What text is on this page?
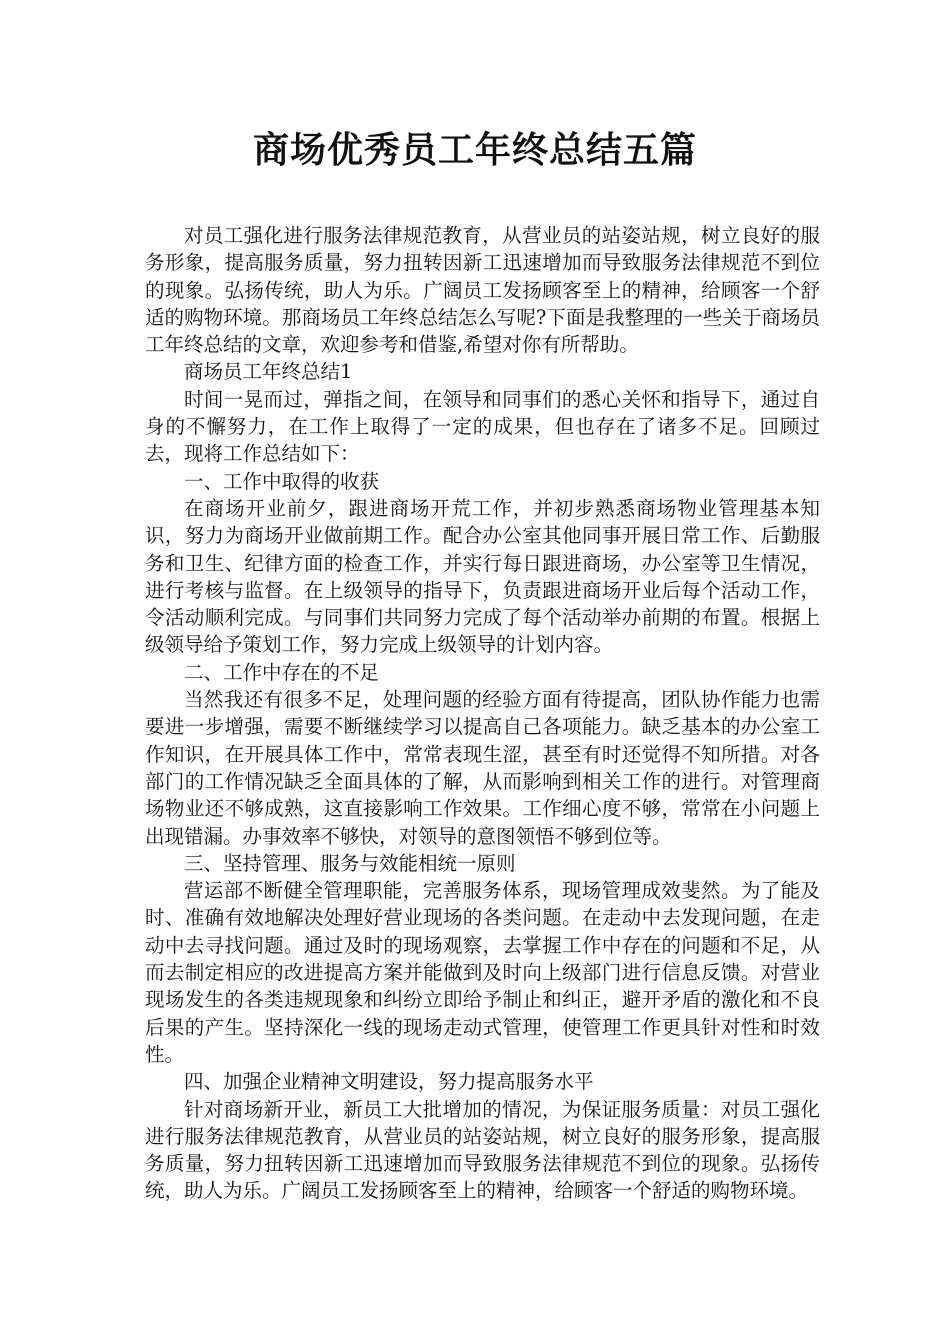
商场优秀员工年终总结五篇

对员工强化进行服务法律规范教育，从营业员的站姿站规，树立良好的服务形象，提高服务质量，努力扭转因新工迅速增加而导致服务法律规范不到位的现象。弘扬传统，助人为乐。广阔员工发扬顾客至上的精神，给顾客一个舒适的购物环境。那商场员工年终总结怎么写呢?下面是我整理的一些关于商场员工年终总结的文章，欢迎参考和借鉴,希望对你有所帮助。

商场员工年终总结1

时间一晃而过，弹指之间，在领导和同事们的悉心关怀和指导下，通过自身的不懈努力，在工作上取得了一定的成果，但也存在了诸多不足。回顾过去，现将工作总结如下：

一、工作中取得的收获

在商场开业前夕，跟进商场开荒工作，并初步熟悉商场物业管理基本知识，努力为商场开业做前期工作。配合办公室其他同事开展日常工作、后勤服务和卫生、纪律方面的检查工作，并实行每日跟进商场，办公室等卫生情况，进行考核与监督。在上级领导的指导下，负责跟进商场开业后每个活动工作，令活动顺利完成。与同事们共同努力完成了每个活动举办前期的布置。根据上级领导给予策划工作，努力完成上级领导的计划内容。

二、工作中存在的不足

当然我还有很多不足，处理问题的经验方面有待提高，团队协作能力也需要进一步增强，需要不断继续学习以提高自己各项能力。缺乏基本的办公室工作知识，在开展具体工作中，常常表现生涩，甚至有时还觉得不知所措。对各部门的工作情况缺乏全面具体的了解，从而影响到相关工作的进行。对管理商场物业还不够成熟，这直接影响工作效果。工作细心度不够，常常在小问题上出现错漏。办事效率不够快，对领导的意图领悟不够到位等。

三、坚持管理、服务与效能相统一原则

营运部不断健全管理职能，完善服务体系，现场管理成效斐然。为了能及时、准确有效地解决处理好营业现场的各类问题。在走动中去发现问题，在走动中去寻找问题。通过及时的现场观察，去掌握工作中存在的问题和不足，从而去制定相应的改进提高方案并能做到及时向上级部门进行信息反馈。对营业现场发生的各类违规现象和纠纷立即给予制止和纠正，避开矛盾的激化和不良后果的产生。坚持深化一线的现场走动式管理，使管理工作更具针对性和时效性。

四、加强企业精神文明建设，努力提高服务水平

针对商场新开业，新员工大批增加的情况，为保证服务质量：对员工强化进行服务法律规范教育，从营业员的站姿站规，树立良好的服务形象，提高服务质量，努力扭转因新工迅速增加而导致服务法律规范不到位的现象。弘扬传统，助人为乐。广阔员工发扬顾客至上的精神，给顾客一个舒适的购物环境。
